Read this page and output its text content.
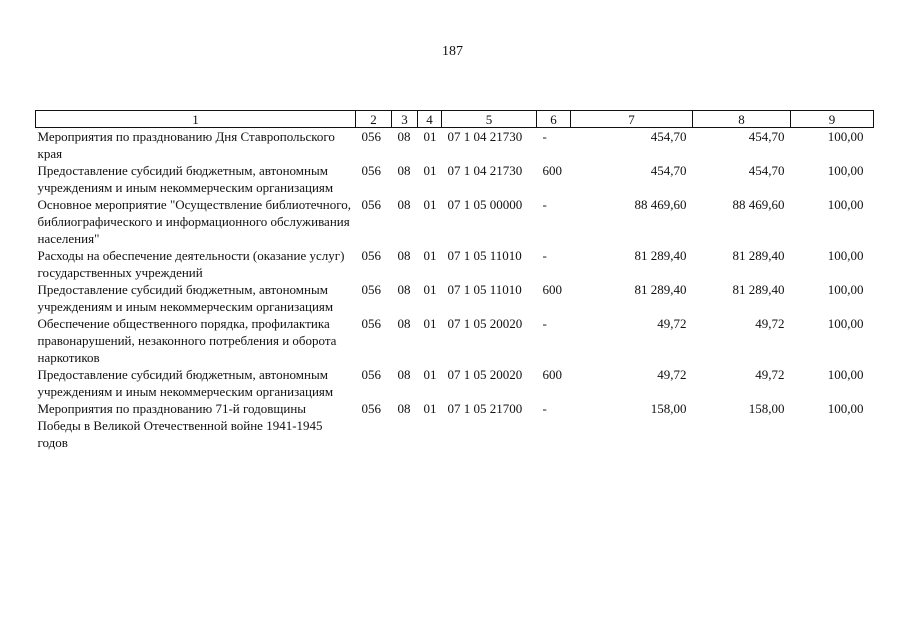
187
1	2	3	4	5	6	7	8	9
Мероприятия по празднованию Дня Ставропольского края	056	08	01	07 1 04 21730	-	454,70	454,70	100,00
Предоставление субсидий бюджетным, автономным учреждениям и иным некоммерческим организациям	056	08	01	07 1 04 21730	600	454,70	454,70	100,00
Основное мероприятие "Осуществление библиотечного, библиографического и информационного обслуживания населения"	056	08	01	07 1 05 00000	-	88 469,60	88 469,60	100,00
Расходы на обеспечение деятельности (оказание услуг) государственных учреждений	056	08	01	07 1 05 11010	-	81 289,40	81 289,40	100,00
Предоставление субсидий бюджетным, автономным учреждениям и иным некоммерческим организациям	056	08	01	07 1 05 11010	600	81 289,40	81 289,40	100,00
Обеспечение общественного порядка, профилактика правонарушений, незаконного потребления и оборота наркотиков	056	08	01	07 1 05 20020	-	49,72	49,72	100,00
Предоставление субсидий бюджетным, автономным учреждениям и иным некоммерческим организациям	056	08	01	07 1 05 20020	600	49,72	49,72	100,00
Мероприятия по празднованию 71-й годовщины Победы в Великой Отечественной войне 1941-1945 годов	056	08	01	07 1 05 21700	-	158,00	158,00	100,00
